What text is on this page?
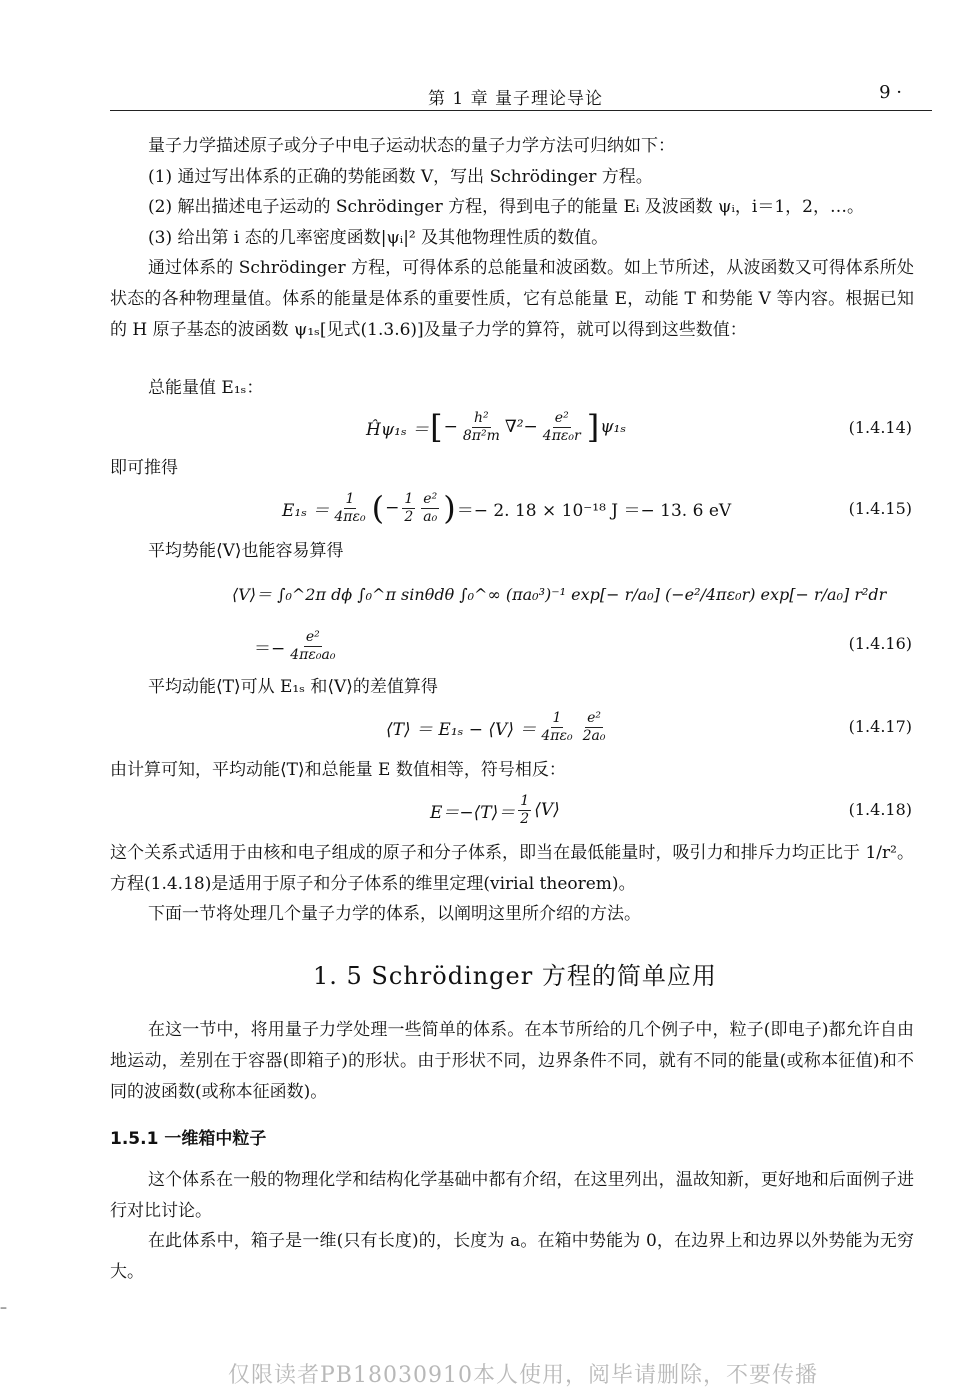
第 1 章 量子理论导论	9 ·

量子力学描述原子或分子中电子运动状态的量子力学方法可归纳如下：

(1) 通过写出体系的正确的势能函数 V，写出 Schrödinger 方程。

(2) 解出描述电子运动的 Schrödinger 方程，得到电子的能量 Eᵢ 及波函数 ψᵢ，i＝1，2，…。

(3) 给出第 i 态的几率密度函数|ψᵢ|² 及其他物理性质的数值。

通过体系的 Schrödinger 方程，可得体系的总能量和波函数。如上节所述，从波函数又可得体系所处状态的各种物理量值。体系的能量是体系的重要性质，它有总能量 E，动能 T 和势能 V 等内容。根据已知的 H 原子基态的波函数 ψ₁ₛ[见式(1.3.6)]及量子力学的算符，就可以得到这些数值：

总能量值 E₁ₛ：

Ĥψ₁ₛ ＝ [ − $\frac{\text{h²}}{\text{8π²m}} \nabla^2- \frac{\text{e²}}{\text{4πε₀r}}$ ] ψ₁ₛ	(1.4.14)

即可推得

$E_{1s} = \frac{1}{\text{4πε₀}}$ ( − $\frac{1}{2} \frac{\text{e²}}{\text{a₀}}$ ) ＝− 2. 18 × 10⁻¹⁸ J ＝− 13. 6 eV	(1.4.15)

平均势能⟨V⟩也能容易算得

⟨V⟩＝ ∫₀^2π dϕ ∫₀^π sinθdθ ∫₀^∞ (πa₀³)⁻¹ exp[− r/a₀] (−e²/4πε₀r) exp[− r/a₀] r²dr
＝− $\frac{\text{e²}}{\text{4πε₀a₀}}$	(1.4.16)

平均动能⟨T⟩可从 E₁ₛ 和⟨V⟩的差值算得

⟨T⟩ ＝ E₁ₛ − ⟨V⟩ ＝ $\frac{1}{\text{4πε₀}} \frac{\text{e²}}{\text{2a₀}}$	(1.4.17)

由计算可知，平均动能⟨T⟩和总能量 E 数值相等，符号相反：

E＝−⟨T⟩＝ $\frac{1}{2}$ ⟨V⟩	(1.4.18)

这个关系式适用于由核和电子组成的原子和分子体系，即当在最低能量时，吸引力和排斥力均正比于 1/r²。方程(1.4.18)是适用于原子和分子体系的维里定理(virial theorem)。

下面一节将处理几个量子力学的体系，以阐明这里所介绍的方法。

1. 5 Schrödinger 方程的简单应用

在这一节中，将用量子力学处理一些简单的体系。在本节所给的几个例子中，粒子(即电子)都允许自由地运动，差别在于容器(即箱子)的形状。由于形状不同，边界条件不同，就有不同的能量(或称本征值)和不同的波函数(或称本征函数)。

1.5.1 一维箱中粒子

这个体系在一般的物理化学和结构化学基础中都有介绍，在这里列出，温故知新，更好地和后面例子进行对比讨论。

在此体系中，箱子是一维(只有长度)的，长度为 a。在箱中势能为 0，在边界上和边界以外势能为无穷大。

–
仅限读者PB18030910本人使用，阅毕请删除，不要传播
